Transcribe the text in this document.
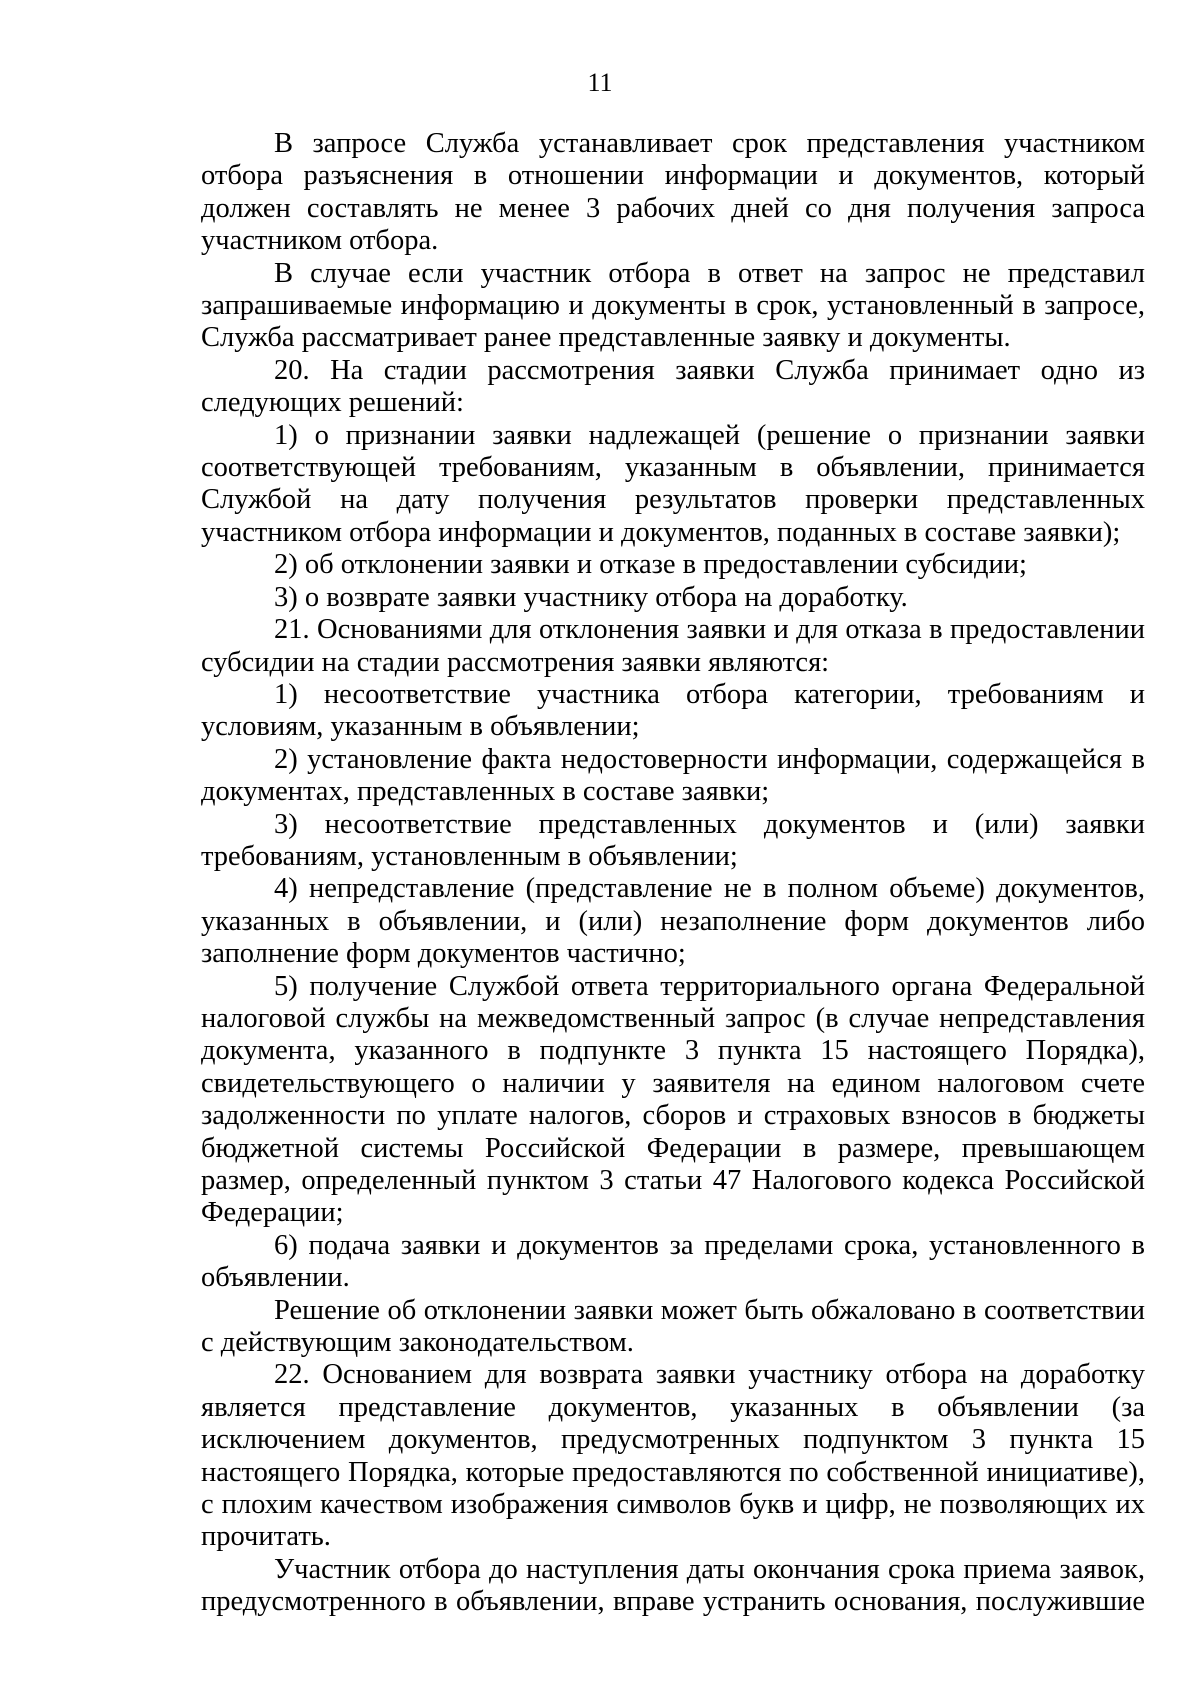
11

В запросе Служба устанавливает срок представления участником отбора разъяснения в отношении информации и документов, который должен составлять не менее 3 рабочих дней со дня получения запроса участником отбора.

В случае если участник отбора в ответ на запрос не представил запрашиваемые информацию и документы в срок, установленный в запросе, Служба рассматривает ранее представленные заявку и документы.

20. На стадии рассмотрения заявки Служба принимает одно из следующих решений:

1) о признании заявки надлежащей (решение о признании заявки соответствующей требованиям, указанным в объявлении, принимается Службой на дату получения результатов проверки представленных участником отбора информации и документов, поданных в составе заявки);

2) об отклонении заявки и отказе в предоставлении субсидии;

3) о возврате заявки участнику отбора на доработку.

21. Основаниями для отклонения заявки и для отказа в предоставлении субсидии на стадии рассмотрения заявки являются:

1) несоответствие участника отбора категории, требованиям и условиям, указанным в объявлении;

2) установление факта недостоверности информации, содержащейся в документах, представленных в составе заявки;

3) несоответствие представленных документов и (или) заявки требованиям, установленным в объявлении;

4) непредставление (представление не в полном объеме) документов, указанных в объявлении, и (или) незаполнение форм документов либо заполнение форм документов частично;

5) получение Службой ответа территориального органа Федеральной налоговой службы на межведомственный запрос (в случае непредставления документа, указанного в подпункте 3 пункта 15 настоящего Порядка), свидетельствующего о наличии у заявителя на едином налоговом счете задолженности по уплате налогов, сборов и страховых взносов в бюджеты бюджетной системы Российской Федерации в размере, превышающем размер, определенный пунктом 3 статьи 47 Налогового кодекса Российской Федерации;

6) подача заявки и документов за пределами срока, установленного в объявлении.

Решение об отклонении заявки может быть обжаловано в соответствии с действующим законодательством.

22. Основанием для возврата заявки участнику отбора на доработку является представление документов, указанных в объявлении (за исключением документов, предусмотренных подпунктом 3 пункта 15 настоящего Порядка, которые предоставляются по собственной инициативе), с плохим качеством изображения символов букв и цифр, не позволяющих их прочитать.

Участник отбора до наступления даты окончания срока приема заявок, предусмотренного в объявлении, вправе устранить основания, послужившие
